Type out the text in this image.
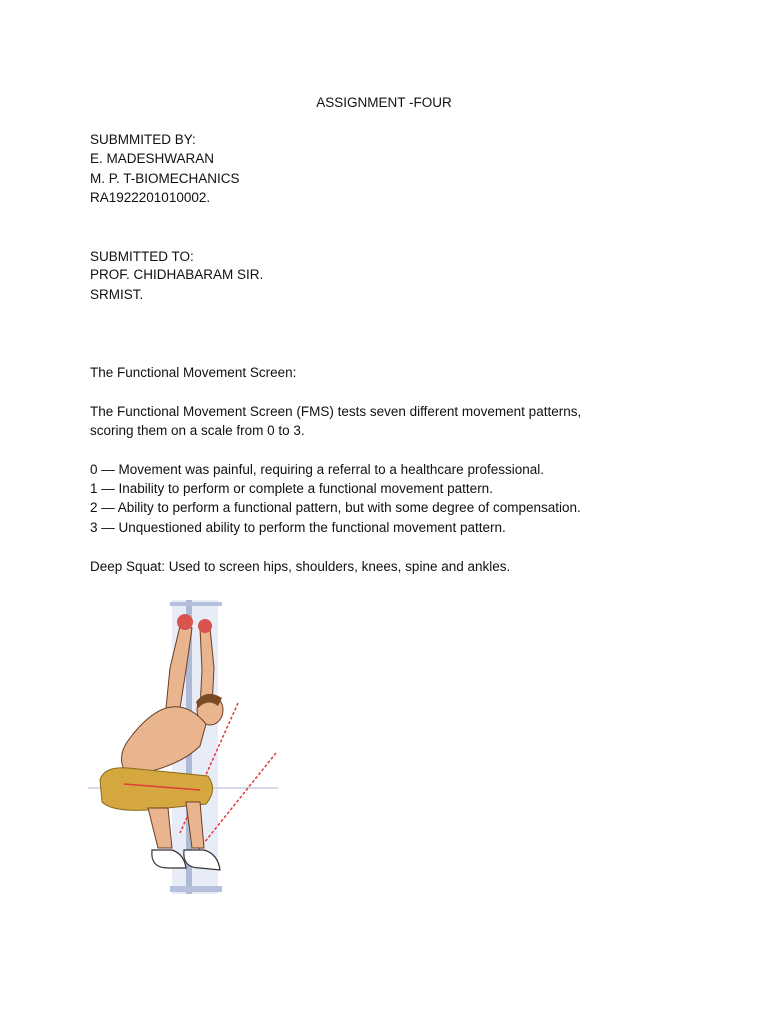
ASSIGNMENT -FOUR
SUBMMITED BY:
E. MADESHWARAN
M. P. T-BIOMECHANICS
RA1922201010002.
SUBMITTED TO:
PROF. CHIDHABARAM SIR.
SRMIST.
The Functional Movement Screen:
The Functional Movement Screen (FMS) tests seven different movement patterns,
scoring them on a scale from 0 to 3.
0 — Movement was painful, requiring a referral to a healthcare professional.
1 — Inability to perform or complete a functional movement pattern.
2 — Ability to perform a functional pattern, but with some degree of compensation.
3 — Unquestioned ability to perform the functional movement pattern.
Deep Squat: Used to screen hips, shoulders, knees, spine and ankles.
